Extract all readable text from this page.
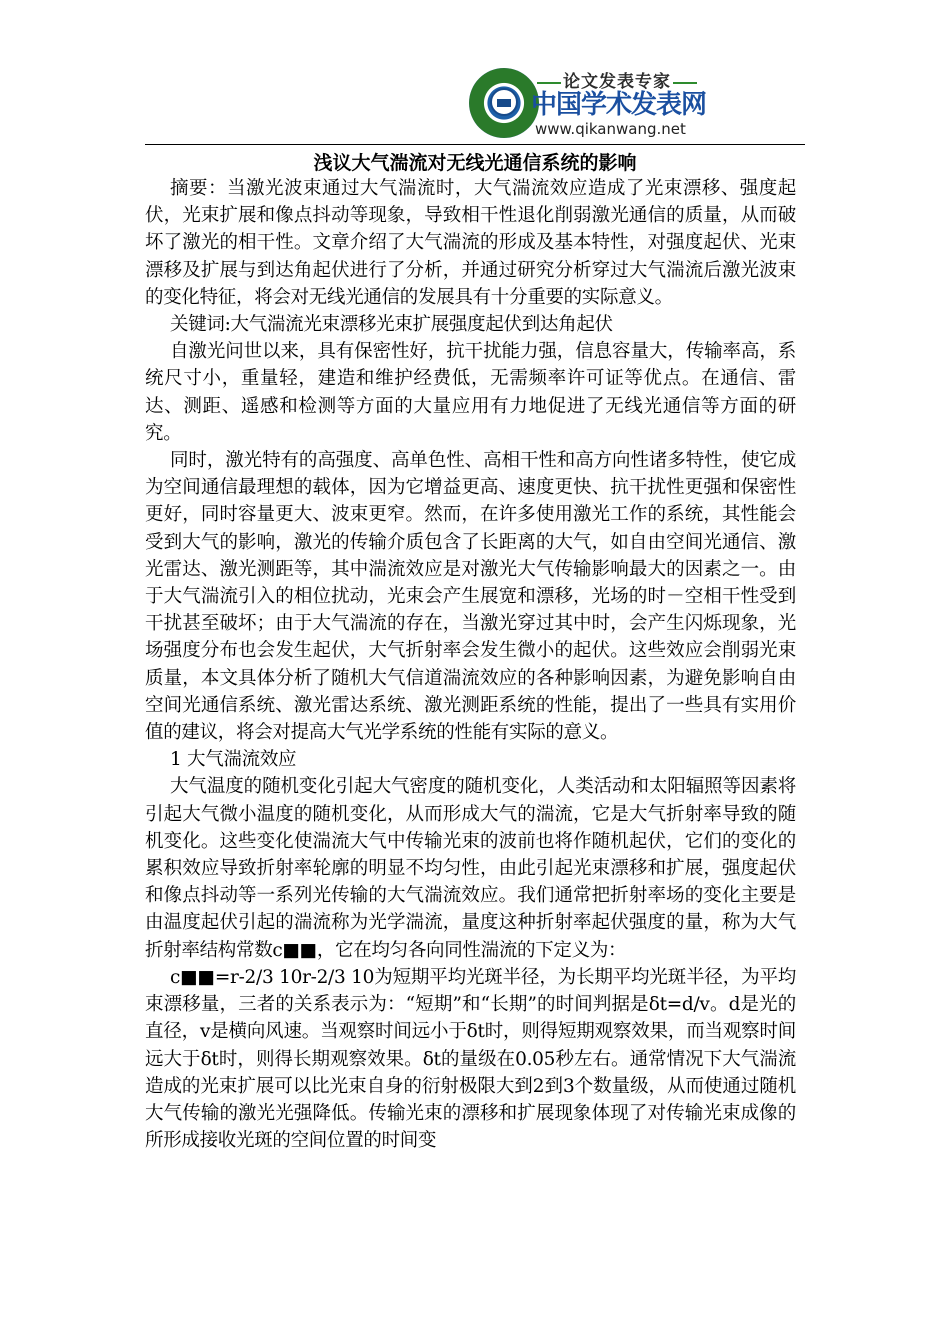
论文发表专家
中国学术发表网
www.qikanwang.net
浅议大气湍流对无线光通信系统的影响

摘要：当激光波束通过大气湍流时，大气湍流效应造成了光束漂移、强度起伏，光束扩展和像点抖动等现象，导致相干性退化削弱激光通信的质量，从而破坏了激光的相干性。文章介绍了大气湍流的形成及基本特性，对强度起伏、光束漂移及扩展与到达角起伏进行了分析，并通过研究分析穿过大气湍流后激光波束的变化特征，将会对无线光通信的发展具有十分重要的实际意义。

关键词:大气湍流光束漂移光束扩展强度起伏到达角起伏

自激光问世以来，具有保密性好，抗干扰能力强，信息容量大，传输率高，系统尺寸小，重量轻，建造和维护经费低，无需频率许可证等优点。在通信、雷达、测距、遥感和检测等方面的大量应用有力地促进了无线光通信等方面的研究。

同时，激光特有的高强度、高单色性、高相干性和高方向性诸多特性，使它成为空间通信最理想的载体，因为它增益更高、速度更快、抗干扰性更强和保密性更好，同时容量更大、波束更窄。然而，在许多使用激光工作的系统，其性能会受到大气的影响，激光的传输介质包含了长距离的大气，如自由空间光通信、激光雷达、激光测距等，其中湍流效应是对激光大气传输影响最大的因素之一。由于大气湍流引入的相位扰动，光束会产生展宽和漂移，光场的时－空相干性受到干扰甚至破坏；由于大气湍流的存在，当激光穿过其中时，会产生闪烁现象，光场强度分布也会发生起伏，大气折射率会发生微小的起伏。这些效应会削弱光束质量，本文具体分析了随机大气信道湍流效应的各种影响因素，为避免影响自由空间光通信系统、激光雷达系统、激光测距系统的性能，提出了一些具有实用价值的建议，将会对提高大气光学系统的性能有实际的意义。

1 大气湍流效应

大气温度的随机变化引起大气密度的随机变化，人类活动和太阳辐照等因素将引起大气微小温度的随机变化，从而形成大气的湍流，它是大气折射率导致的随机变化。这些变化使湍流大气中传输光束的波前也将作随机起伏，它们的变化的累积效应导致折射率轮廓的明显不均匀性，由此引起光束漂移和扩展，强度起伏和像点抖动等一系列光传输的大气湍流效应。我们通常把折射率场的变化主要是由温度起伏引起的湍流称为光学湍流，量度这种折射率起伏强度的量，称为大气折射率结构常数c■■，它在均匀各向同性湍流的下定义为：

c■■=r-2/3 10r-2/3 10为短期平均光斑半径，为长期平均光斑半径，为平均束漂移量，三者的关系表示为：“短期”和“长期”的时间判据是δt=d/v。d是光的直径，v是横向风速。当观察时间远小于δt时，则得短期观察效果，而当观察时间远大于δt时，则得长期观察效果。δt的量级在0.05秒左右。通常情况下大气湍流造成的光束扩展可以比光束自身的衍射极限大到2到3个数量级，从而使通过随机大气传输的激光光强降低。传输光束的漂移和扩展现象体现了对传输光束成像的所形成接收光斑的空间位置的时间变
